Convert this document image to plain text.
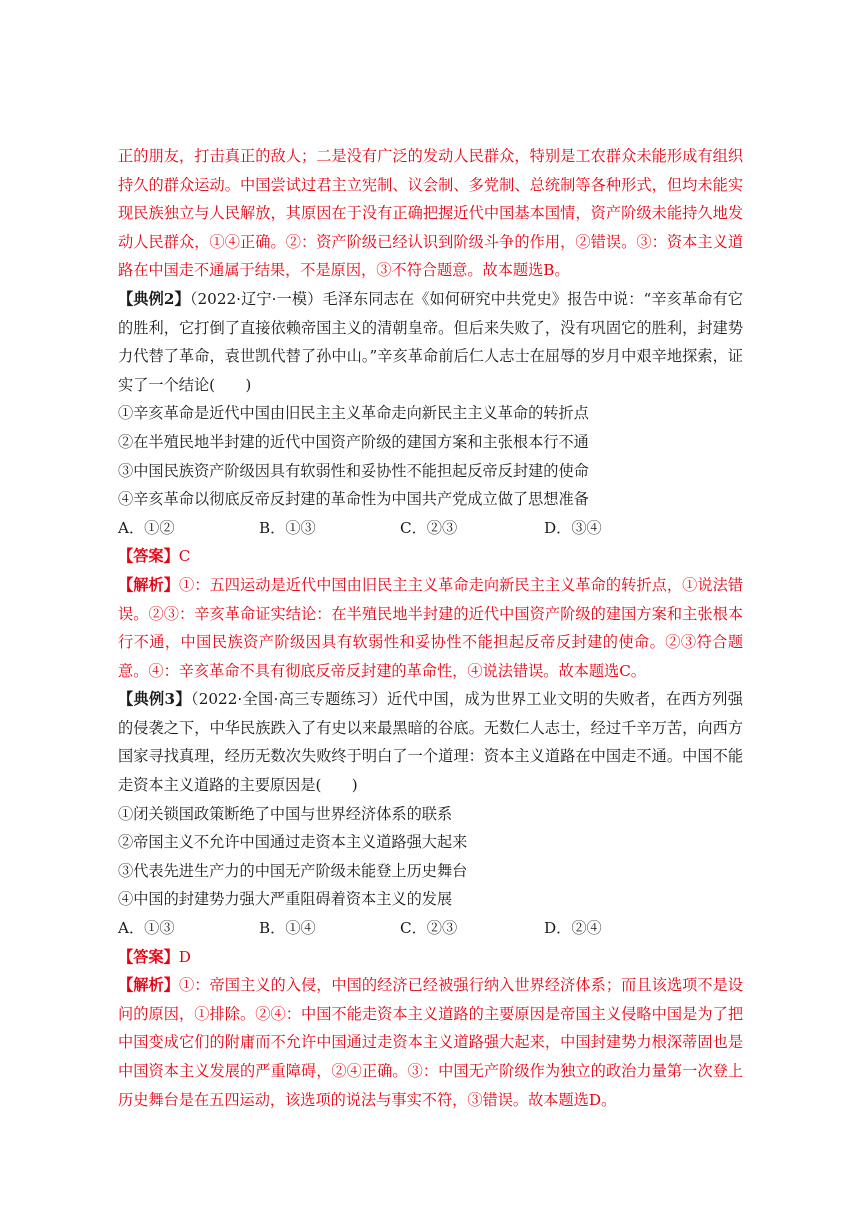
正的朋友，打击真正的敌人；二是没有广泛的发动人民群众，特别是工农群众未能形成有组织持久的群众运动。中国尝试过君主立宪制、议会制、多党制、总统制等各种形式，但均未能实现民族独立与人民解放，其原因在于没有正确把握近代中国基本国情，资产阶级未能持久地发动人民群众，①④正确。②：资产阶级已经认识到阶级斗争的作用，②错误。③：资本主义道路在中国走不通属于结果，不是原因，③不符合题意。故本题选B。

【典例2】（2022·辽宁·一模）毛泽东同志在《如何研究中共党史》报告中说：“辛亥革命有它的胜利，它打倒了直接依赖帝国主义的清朝皇帝。但后来失败了，没有巩固它的胜利，封建势力代替了革命，袁世凯代替了孙中山。”辛亥革命前后仁人志士在屈辱的岁月中艰辛地探索，证实了一个结论(　　)

①辛亥革命是近代中国由旧民主主义革命走向新民主主义革命的转折点

②在半殖民地半封建的近代中国资产阶级的建国方案和主张根本行不通

③中国民族资产阶级因具有软弱性和妥协性不能担起反帝反封建的使命

④辛亥革命以彻底反帝反封建的革命性为中国共产党成立做了思想准备

A．①②	B．①③	C．②③	D．③④

【答案】C

【解析】①：五四运动是近代中国由旧民主主义革命走向新民主主义革命的转折点，①说法错误。②③：辛亥革命证实结论：在半殖民地半封建的近代中国资产阶级的建国方案和主张根本行不通，中国民族资产阶级因具有软弱性和妥协性不能担起反帝反封建的使命。②③符合题意。④：辛亥革命不具有彻底反帝反封建的革命性，④说法错误。故本题选C。

【典例3】（2022·全国·高三专题练习）近代中国，成为世界工业文明的失败者，在西方列强的侵袭之下，中华民族跌入了有史以来最黑暗的谷底。无数仁人志士，经过千辛万苦，向西方国家寻找真理，经历无数次失败终于明白了一个道理：资本主义道路在中国走不通。中国不能走资本主义道路的主要原因是(　　)

①闭关锁国政策断绝了中国与世界经济体系的联系

②帝国主义不允许中国通过走资本主义道路强大起来

③代表先进生产力的中国无产阶级未能登上历史舞台

④中国的封建势力强大严重阻碍着资本主义的发展

A．①③	B．①④	C．②③	D．②④

【答案】D

【解析】①：帝国主义的入侵，中国的经济已经被强行纳入世界经济体系；而且该选项不是设问的原因，①排除。②④：中国不能走资本主义道路的主要原因是帝国主义侵略中国是为了把中国变成它们的附庸而不允许中国通过走资本主义道路强大起来，中国封建势力根深蒂固也是中国资本主义发展的严重障碍，②④正确。③：中国无产阶级作为独立的政治力量第一次登上历史舞台是在五四运动，该选项的说法与事实不符，③错误。故本题选D。
